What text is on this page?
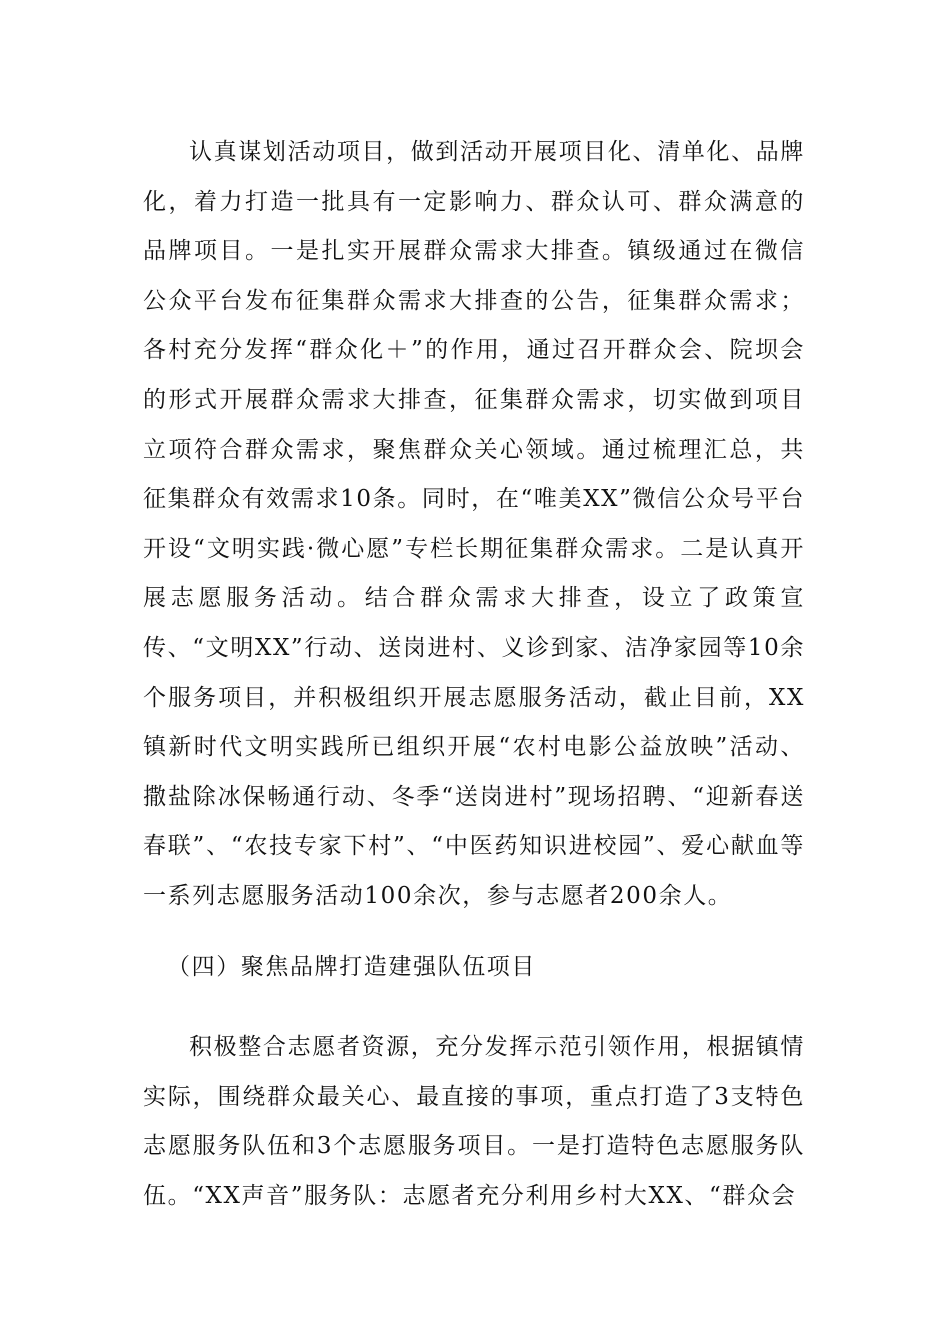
认真谋划活动项目，做到活动开展项目化、清单化、品牌化，着力打造一批具有一定影响力、群众认可、群众满意的品牌项目。一是扎实开展群众需求大排查。镇级通过在微信公众平台发布征集群众需求大排查的公告，征集群众需求；各村充分发挥“群众化＋”的作用，通过召开群众会、院坝会的形式开展群众需求大排查，征集群众需求，切实做到项目立项符合群众需求，聚焦群众关心领域。通过梳理汇总，共征集群众有效需求10条。同时，在“唯美XX”微信公众号平台开设“文明实践·微心愿”专栏长期征集群众需求。二是认真开展志愿服务活动。结合群众需求大排查，设立了政策宣传、“文明XX”行动、送岗进村、义诊到家、洁净家园等10余个服务项目，并积极组织开展志愿服务活动，截止目前，XX镇新时代文明实践所已组织开展“农村电影公益放映”活动、撒盐除冰保畅通行动、冬季“送岗进村”现场招聘、“迎新春送春联”、“农技专家下村”、“中医药知识进校园”、爱心献血等一系列志愿服务活动100余次，参与志愿者200余人。

（四）聚焦品牌打造建强队伍项目

积极整合志愿者资源，充分发挥示范引领作用，根据镇情实际，围绕群众最关心、最直接的事项，重点打造了3支特色志愿服务队伍和3个志愿服务项目。一是打造特色志愿服务队伍。“XX声音”服务队：志愿者充分利用乡村大XX、“群众会
